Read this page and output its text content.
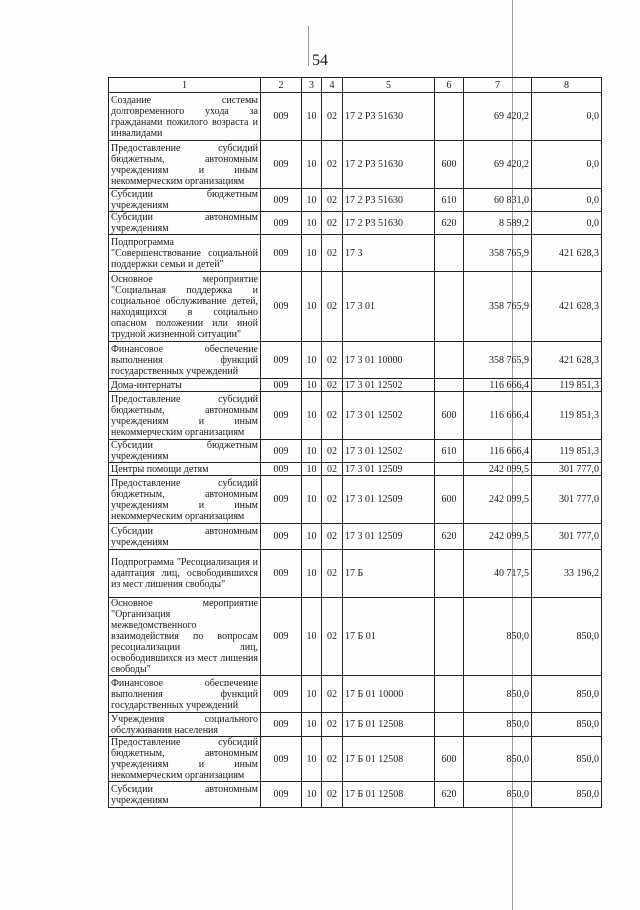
54
1	2	3	4	5	6	7	8
Создание системы долговременного ухода за гражданами пожилого возраста и инвалидами	009	10	02	17 2 Р3 51630		69 420,2	0,0
Предоставление субсидий бюджетным, автономным учреждениям и иным некоммерческим организациям	009	10	02	17 2 Р3 51630	600	69 420,2	0,0
Субсидии бюджетным учреждениям	009	10	02	17 2 Р3 51630	610	60 831,0	0,0
Субсидии автономным учреждениям	009	10	02	17 2 Р3 51630	620	8 589,2	0,0
Подпрограмма "Совершенствование социальной поддержки семьи и детей"	009	10	02	17 3		358 765,9	421 628,3
Основное мероприятие "Социальная поддержка и социальное обслуживание детей, находящихся в социально опасном положении или иной трудной жизненной ситуации"	009	10	02	17 3 01		358 765,9	421 628,3
Финансовое обеспечение выполнения функций государственных учреждений	009	10	02	17 3 01 10000		358 765,9	421 628,3
Дома-интернаты	009	10	02	17 3 01 12502		116 666,4	119 851,3
Предоставление субсидий бюджетным, автономным учреждениям и иным некоммерческим организациям	009	10	02	17 3 01 12502	600	116 666,4	119 851,3
Субсидии бюджетным учреждениям	009	10	02	17 3 01 12502	610	116 666,4	119 851,3
Центры помощи детям	009	10	02	17 3 01 12509		242 099,5	301 777,0
Предоставление субсидий бюджетным, автономным учреждениям и иным некоммерческим организациям	009	10	02	17 3 01 12509	600	242 099,5	301 777,0
Субсидии автономным учреждениям	009	10	02	17 3 01 12509	620	242 099,5	301 777,0
Подпрограмма "Ресоциализация и адаптация лиц, освободившихся из мест лишения свободы"	009	10	02	17 Б		40 717,5	33 196,2
Основное мероприятие "Организация межведомственного взаимодействия по вопросам ресоциализации лиц, освободившихся из мест лишения свободы"	009	10	02	17 Б 01		850,0	850,0
Финансовое обеспечение выполнения функций государственных учреждений	009	10	02	17 Б 01 10000		850,0	850,0
Учреждения социального обслуживания населения	009	10	02	17 Б 01 12508		850,0	850,0
Предоставление субсидий бюджетным, автономным учреждениям и иным некоммерческим организациям	009	10	02	17 Б 01 12508	600	850,0	850,0
Субсидии автономным учреждениям	009	10	02	17 Б 01 12508	620	850,0	850,0
